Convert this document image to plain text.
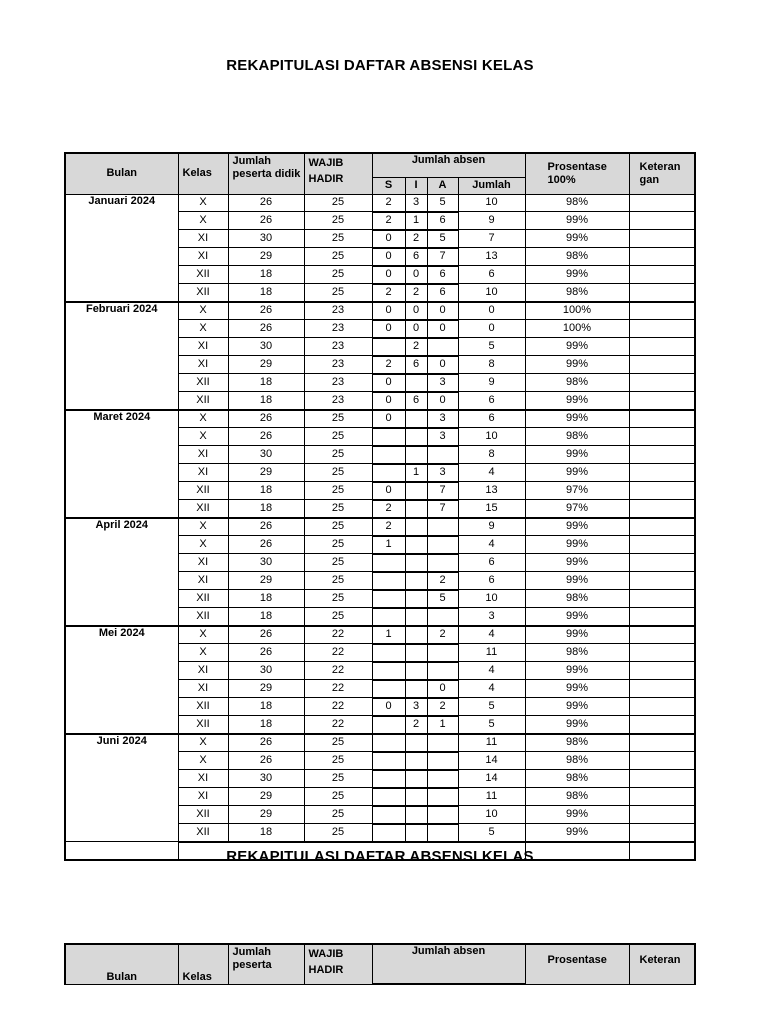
REKAPITULASI DAFTAR ABSENSI KELAS
Bulan	Kelas	Jumlah peserta didik	WAJIB HADIR	Jumlah absen				Prosentase 100%	Keteran gan
				S	I	A	Jumlah		
Januari 2024	X	26	25	2	3	5	10	98%	
	X	26	25	2	1	6	9	99%	
	XI	30	25	0	2	5	7	99%	
	XI	29	25	0	6	7	13	98%	
	XII	18	25	0	0	6	6	99%	
	XII	18	25	2	2	6	10	98%	
Februari 2024	X	26	23	0	0	0	0	100%	
	X	26	23	0	0	0	0	100%	
	XI	30	23		2		5	99%	
	XI	29	23	2	6	0	8	99%	
	XII	18	23	0		3	9	98%	
	XII	18	23	0	6	0	6	99%	
Maret 2024	X	26	25	0		3	6	99%	
	X	26	25			3	10	98%	
	XI	30	25				8	99%	
	XI	29	25		1	3	4	99%	
	XII	18	25	0		7	13	97%	
	XII	18	25	2		7	15	97%	
April 2024	X	26	25	2			9	99%	
	X	26	25	1			4	99%	
	XI	30	25				6	99%	
	XI	29	25			2	6	99%	
	XII	18	25			5	10	98%	
	XII	18	25				3	99%	
Mei 2024	X	26	22	1		2	4	99%	
	X	26	22				11	98%	
	XI	30	22				4	99%	
	XI	29	22			0	4	99%	
	XII	18	22	0	3	2	5	99%	
	XII	18	22		2	1	5	99%	
Juni 2024	X	26	25				11	98%	
	X	26	25				14	98%	
	XI	30	25				14	98%	
	XI	29	25				11	98%	
	XII	29	25				10	99%	
	XII	18	25				5	99%	

REKAPITULASI DAFTAR ABSENSI KELAS
Bulan	Kelas	Jumlah peserta	WAJIB HADIR	Jumlah absen	Prosentase	Keteran
